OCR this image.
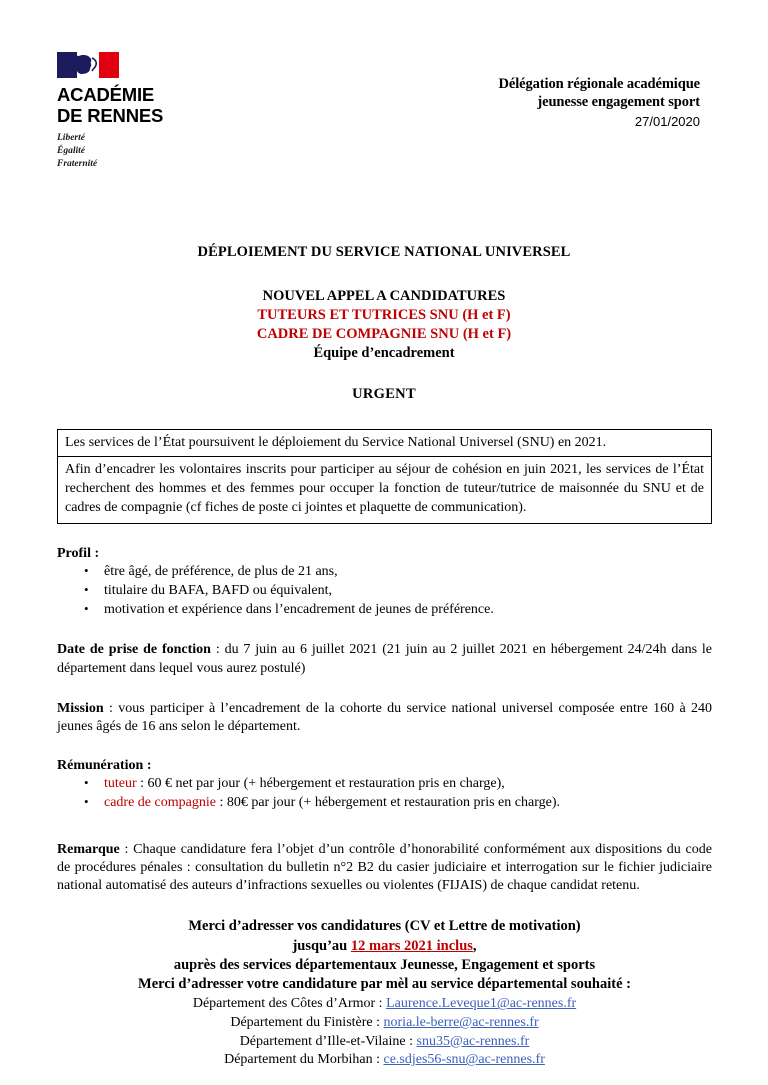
ACADÉMIE
DE RENNES
Liberté
Égalité
Fraternité
Délégation régionale académique
jeunesse engagement sport
27/01/2020
DÉPLOIEMENT DU SERVICE NATIONAL UNIVERSEL
NOUVEL APPEL A CANDIDATURES
TUTEURS ET TUTRICES SNU (H et F)
CADRE DE COMPAGNIE SNU (H et F)
Équipe d’encadrement
URGENT
Les services de l’État poursuivent le déploiement du Service National Universel (SNU) en 2021.
Afin d’encadrer les volontaires inscrits pour participer au séjour de cohésion en juin 2021, les services de l’État recherchent des hommes et des femmes pour occuper la fonction de tuteur/tutrice de maisonnée du SNU et de cadres de compagnie (cf fiches de poste ci jointes et plaquette de communication).
Profil :
• être âgé, de préférence, de plus de 21 ans,
• titulaire du BAFA, BAFD ou équivalent,
• motivation et expérience dans l’encadrement de jeunes de préférence.
Date de prise de fonction : du 7 juin au 6 juillet 2021 (21 juin au 2 juillet 2021 en hébergement 24/24h dans le département dans lequel vous aurez postulé)
Mission : vous participer à l’encadrement de la cohorte du service national universel composée entre 160 à 240 jeunes âgés de 16 ans selon le département.
Rémunération :
• tuteur : 60 € net par jour (+ hébergement et restauration pris en charge),
• cadre de compagnie : 80€ par jour (+ hébergement et restauration pris en charge).
Remarque : Chaque candidature fera l’objet d’un contrôle d’honorabilité conformément aux dispositions du code de procédures pénales : consultation du bulletin n°2 B2 du casier judiciaire et interrogation sur le fichier judiciaire national automatisé des auteurs d’infractions sexuelles ou violentes (FIJAIS) de chaque candidat retenu.
Merci d’adresser vos candidatures (CV et Lettre de motivation)
jusqu’au 12 mars 2021 inclus,
auprès des services départementaux Jeunesse, Engagement et sports
Merci d’adresser votre candidature par mèl au service départemental souhaité :
Département des Côtes d’Armor : Laurence.Leveque1@ac-rennes.fr
Département du Finistère : noria.le-berre@ac-rennes.fr
Département d’Ille-et-Vilaine : snu35@ac-rennes.fr
Département du Morbihan : ce.sdjes56-snu@ac-rennes.fr
